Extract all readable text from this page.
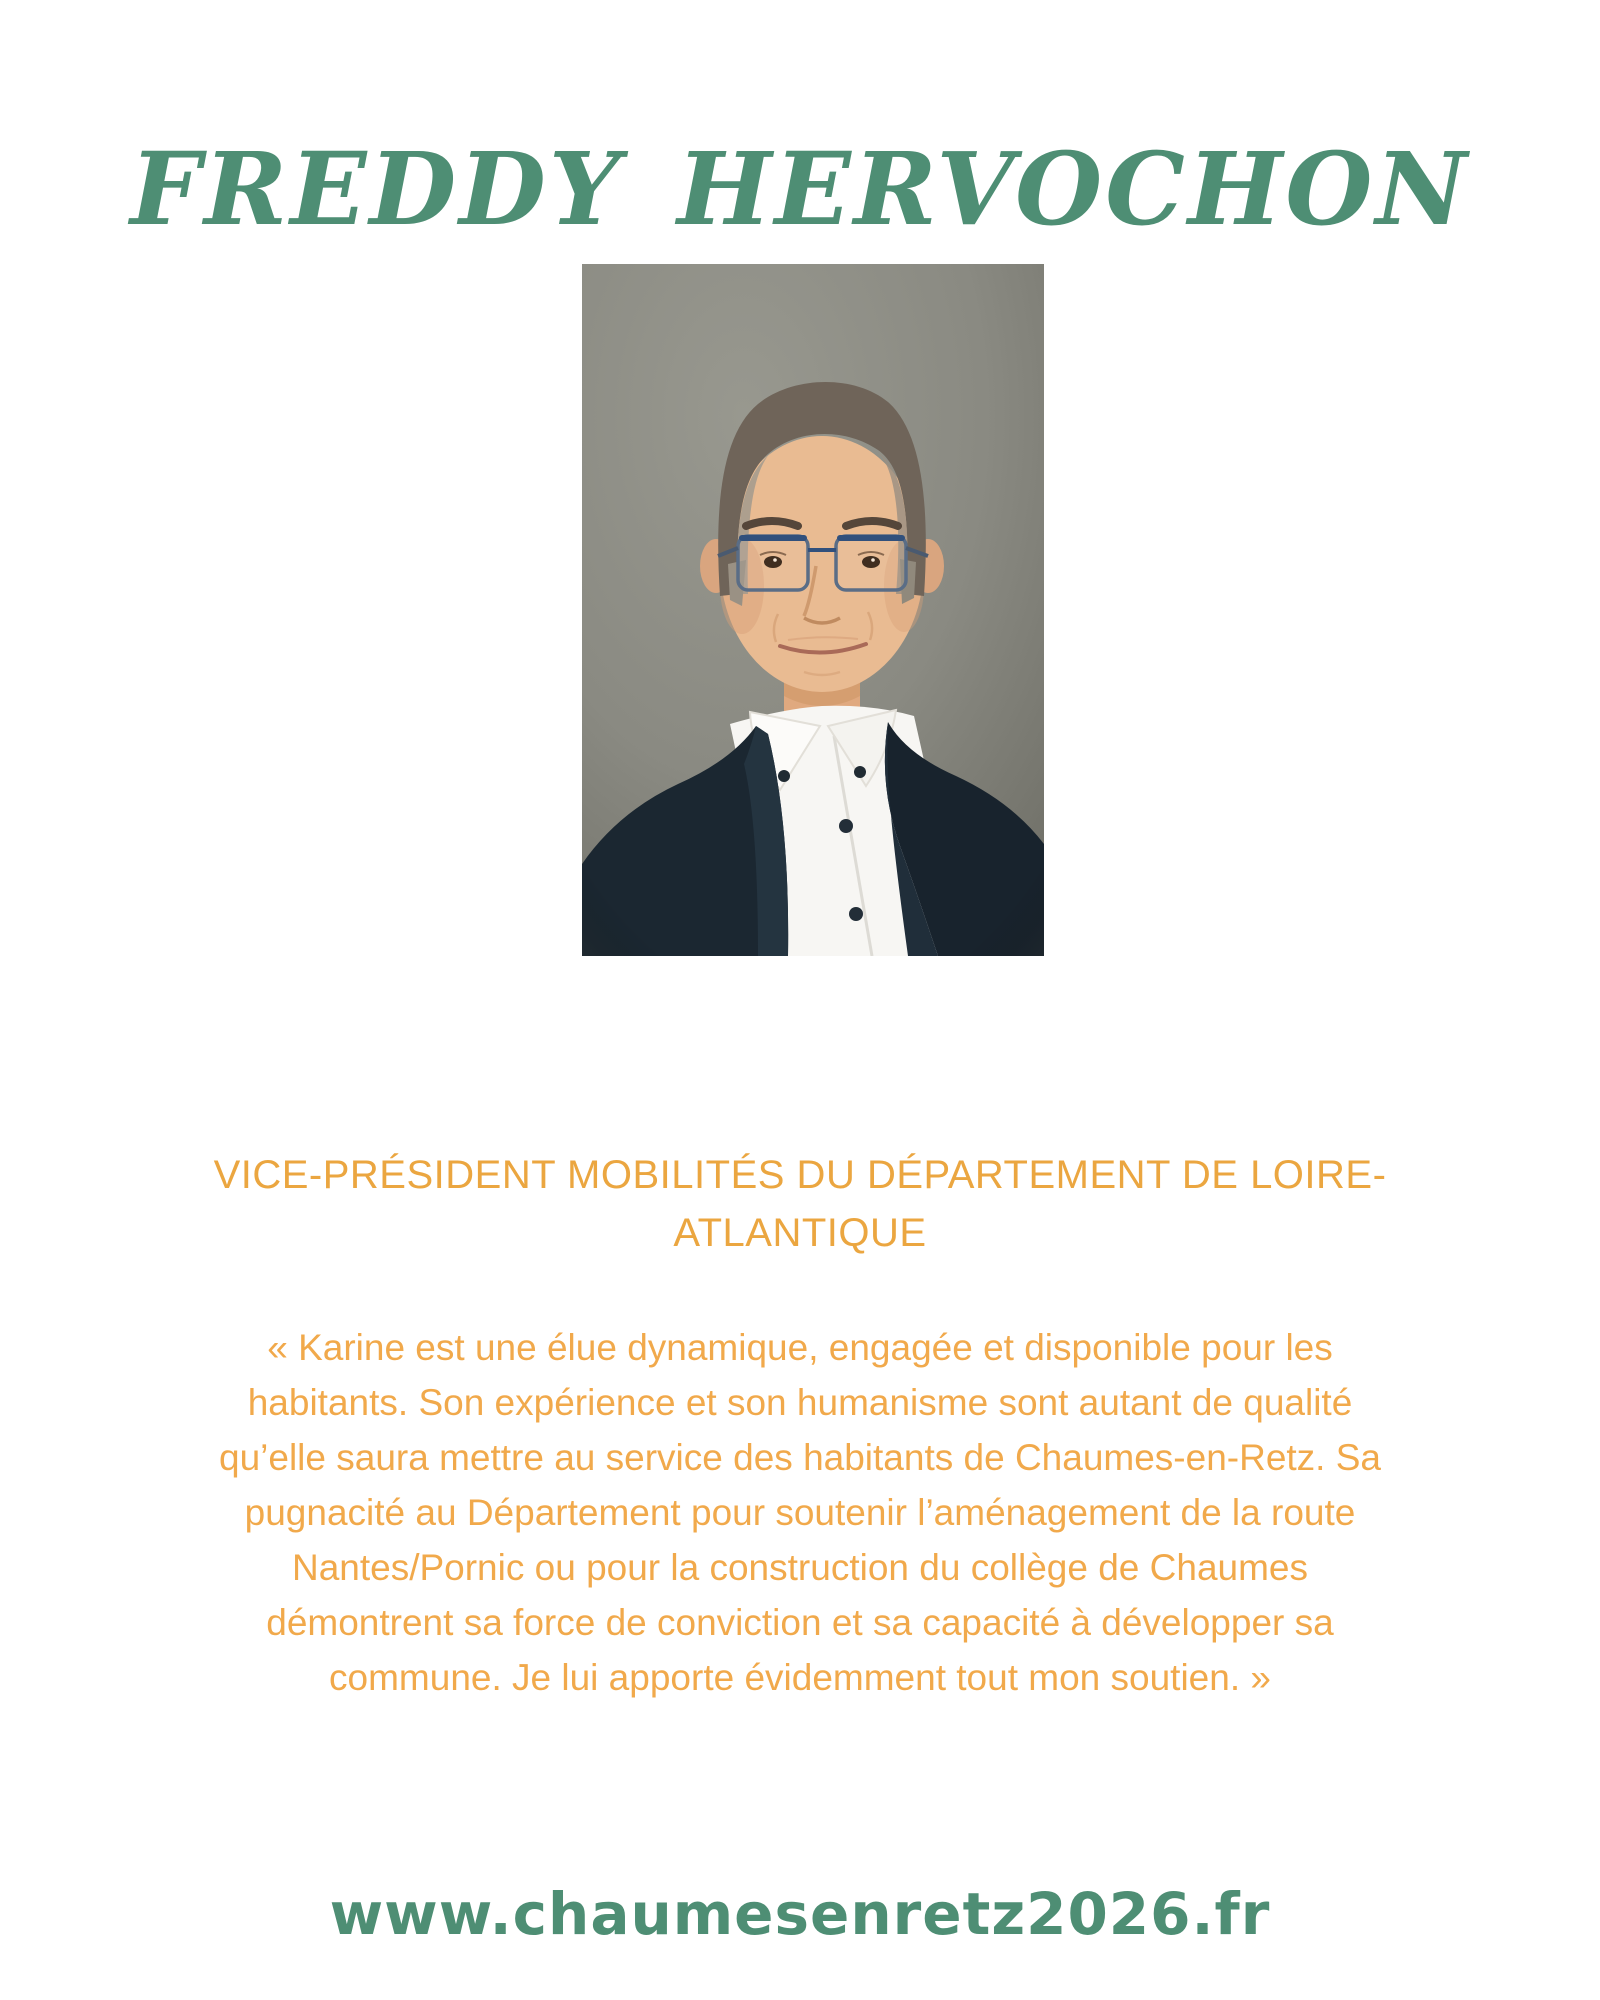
FREDDY HERVOCHON
VICE-PRÉSIDENT MOBILITÉS DU DÉPARTEMENT DE LOIRE-
ATLANTIQUE
« Karine est une élue dynamique, engagée et disponible pour les
habitants. Son expérience et son humanisme sont autant de qualité
qu’elle saura mettre au service des habitants de Chaumes-en-Retz. Sa
pugnacité au Département pour soutenir l’aménagement de la route
Nantes/Pornic ou pour la construction du collège de Chaumes
démontrent sa force de conviction et sa capacité à développer sa
commune. Je lui apporte évidemment tout mon soutien. »
www.chaumesenretz2026.fr
